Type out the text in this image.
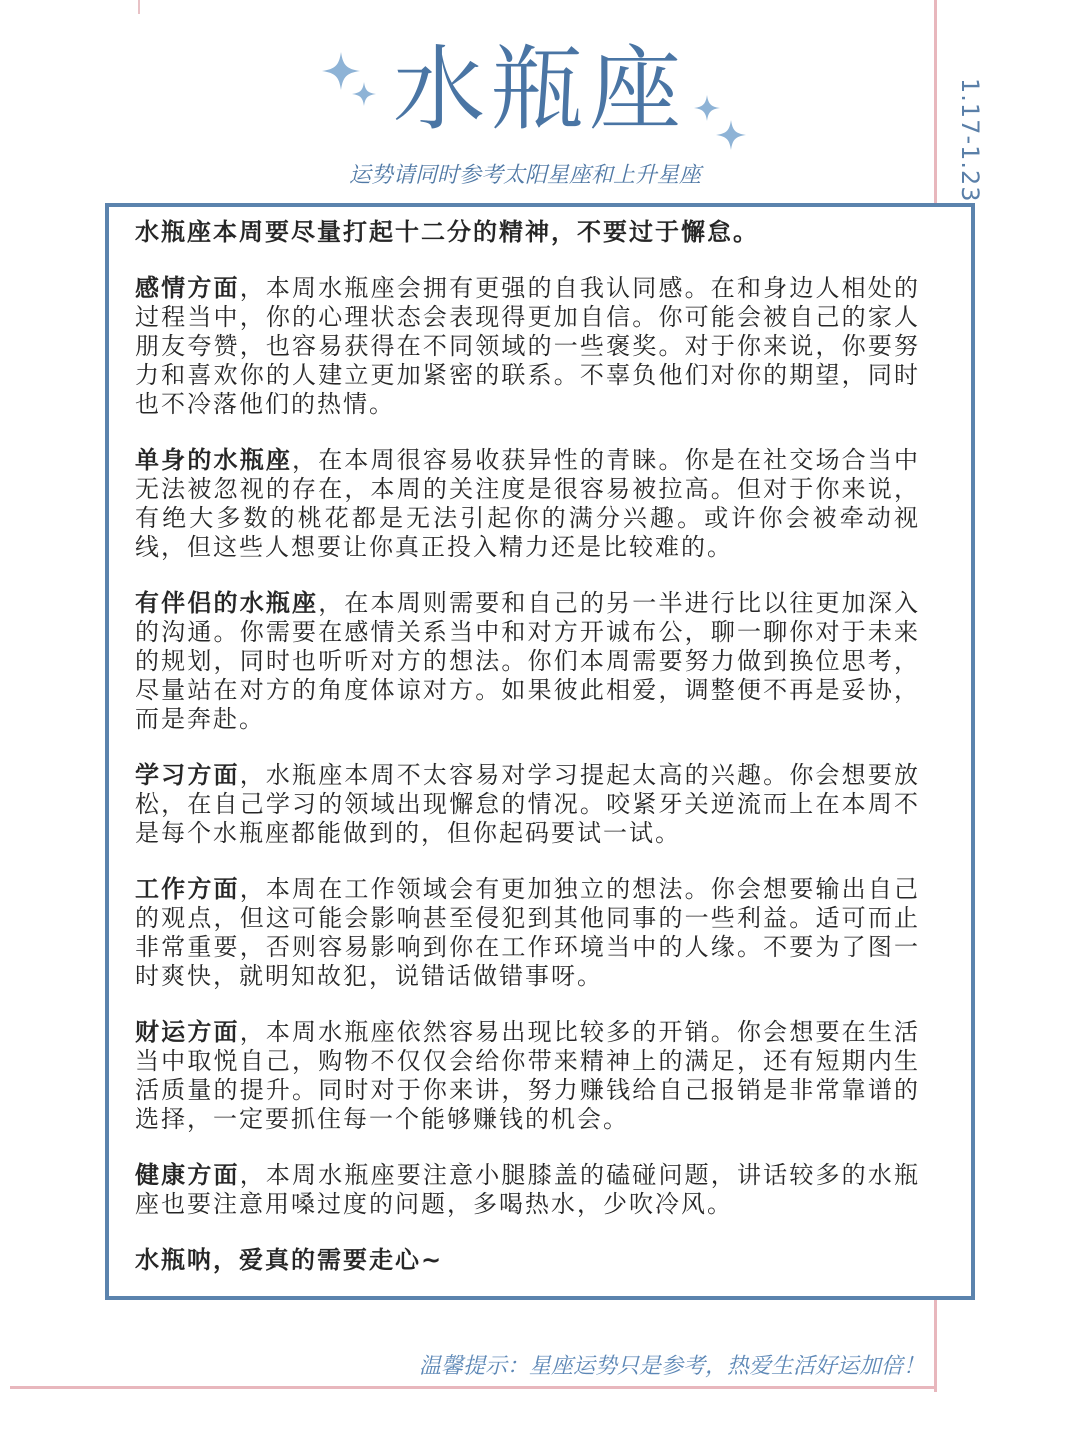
水瓶座

运势请同时参考太阳星座和上升星座	1.17-1.23

水瓶座本周要尽量打起十二分的精神，不要过于懈怠。

感情方面，本周水瓶座会拥有更强的自我认同感。在和身边人相处的过程当中，你的心理状态会表现得更加自信。你可能会被自己的家人朋友夸赞，也容易获得在不同领域的一些褒奖。对于你来说，你要努力和喜欢你的人建立更加紧密的联系。不辜负他们对你的期望，同时也不冷落他们的热情。

单身的水瓶座，在本周很容易收获异性的青睐。你是在社交场合当中无法被忽视的存在，本周的关注度是很容易被拉高。但对于你来说，有绝大多数的桃花都是无法引起你的满分兴趣。或许你会被牵动视线，但这些人想要让你真正投入精力还是比较难的。

有伴侣的水瓶座，在本周则需要和自己的另一半进行比以往更加深入的沟通。你需要在感情关系当中和对方开诚布公，聊一聊你对于未来的规划，同时也听听对方的想法。你们本周需要努力做到换位思考，尽量站在对方的角度体谅对方。如果彼此相爱，调整便不再是妥协，而是奔赴。

学习方面，水瓶座本周不太容易对学习提起太高的兴趣。你会想要放松，在自己学习的领域出现懈怠的情况。咬紧牙关逆流而上在本周不是每个水瓶座都能做到的，但你起码要试一试。

工作方面，本周在工作领域会有更加独立的想法。你会想要输出自己的观点，但这可能会影响甚至侵犯到其他同事的一些利益。适可而止非常重要，否则容易影响到你在工作环境当中的人缘。不要为了图一时爽快，就明知故犯，说错话做错事呀。

财运方面，本周水瓶座依然容易出现比较多的开销。你会想要在生活当中取悦自己，购物不仅仅会给你带来精神上的满足，还有短期内生活质量的提升。同时对于你来讲，努力赚钱给自己报销是非常靠谱的选择，一定要抓住每一个能够赚钱的机会。

健康方面，本周水瓶座要注意小腿膝盖的磕碰问题，讲话较多的水瓶座也要注意用嗓过度的问题，多喝热水，少吹冷风。

水瓶呐，爱真的需要走心~

温馨提示：星座运势只是参考，热爱生活好运加倍！
